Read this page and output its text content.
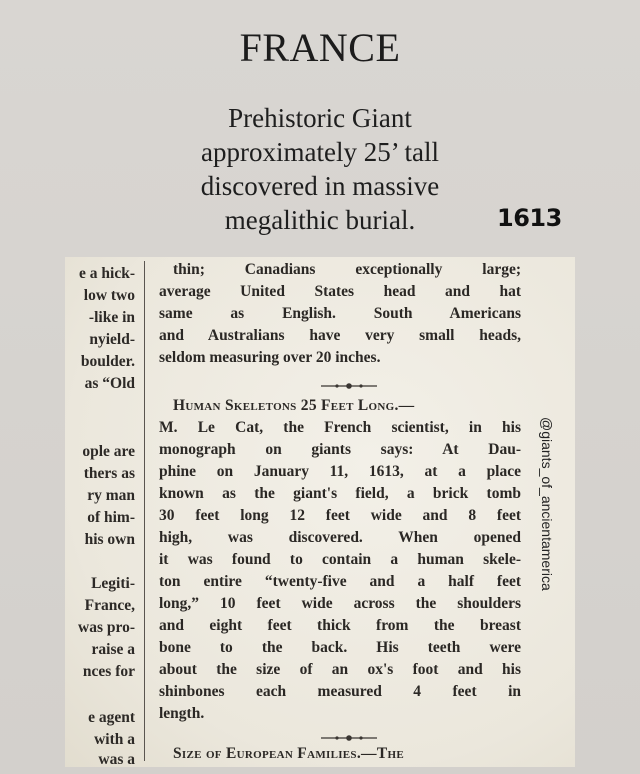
FRANCE
Prehistoric Giant
approximately 25’ tall
discovered in massive
megalithic burial.	1613
e a hick-
low two
-like in
nyield-
boulder.
as “Old
ople are
thers as
ry man
of him-
his own
Legiti-
France,
was pro-
raise a
nces for
e agent
with a
was a
thin; Canadians exceptionally large;
average United States head and hat
same as English. South Americans
and Australians have very small heads,
seldom measuring over 20 inches.
Human Skeletons 25 Feet Long.—
M. Le Cat, the French scientist, in his
monograph on giants says: At Dau-
phine on January 11, 1613, at a place
known as the giant's field, a brick tomb
30 feet long 12 feet wide and 8 feet
high, was discovered. When opened
it was found to contain a human skele-
ton entire “twenty-five and a half feet
long,” 10 feet wide across the shoulders
and eight feet thick from the breast
bone to the back. His teeth were
about the size of an ox's foot and his
shinbones each measured 4 feet in
length.
Size of European Families.—The
@giants_of_ancientamerica
